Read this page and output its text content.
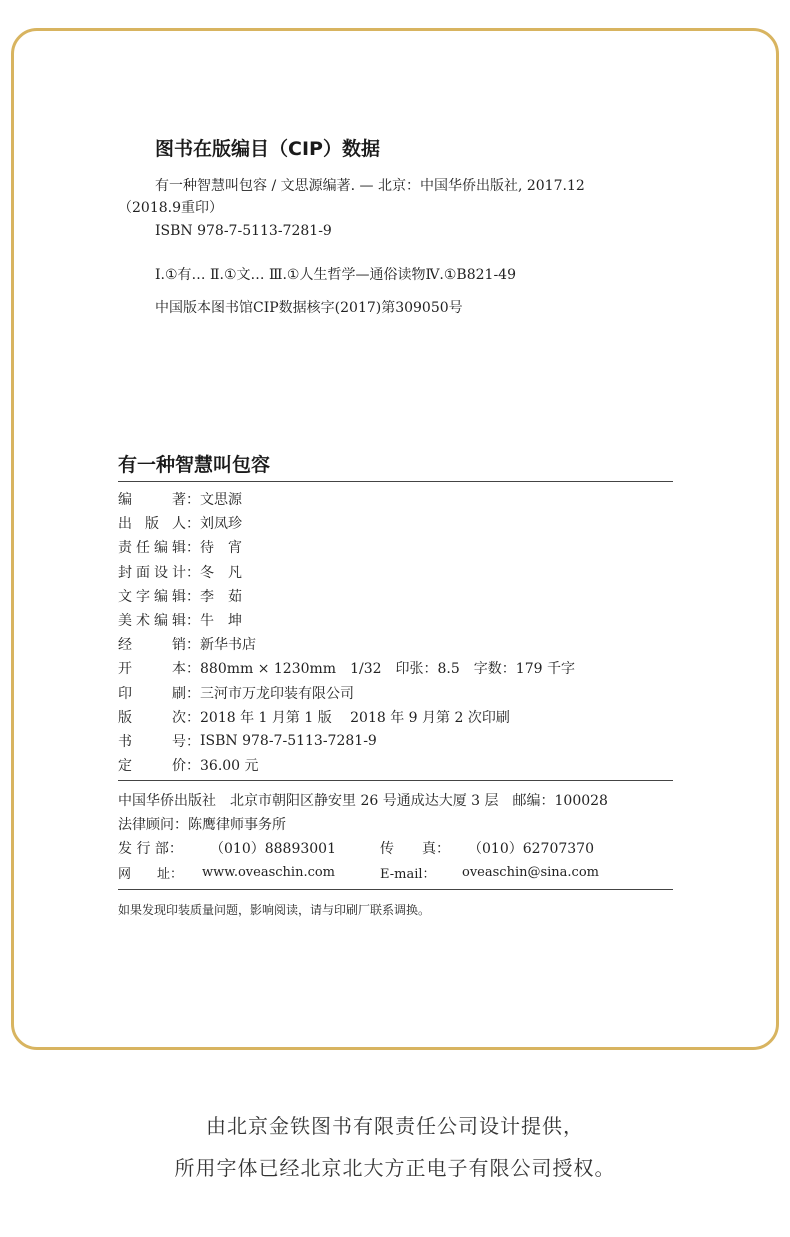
图书在版编目（CIP）数据
有一种智慧叫包容 / 文思源编著. — 北京：中国华侨出版社, 2017.12
（2018.9重印）
ISBN 978-7-5113-7281-9
Ⅰ.①有… Ⅱ.①文… Ⅲ.①人生哲学—通俗读物Ⅳ.①B821-49
中国版本图书馆CIP数据核字(2017)第309050号
有一种智慧叫包容
编	著 ： 文思源
出 版 人 ： 刘凤珍
责 任 编 辑 ： 待　宵
封 面 设 计 ： 冬　凡
文 字 编 辑 ： 李　茹
美 术 编 辑 ： 牛　坤
经	销 ： 新华书店
开	本 ： 880mm × 1230mm　1/32　印张：8.5　字数：179 千字
印	刷 ： 三河市万龙印装有限公司
版	次 ： 2018 年 1 月第 1 版　 2018 年 9 月第 2 次印刷
书	号 ： ISBN 978-7-5113-7281-9
定	价 ： 36.00 元
中国华侨出版社　北京市朝阳区静安里 26 号通成达大厦 3 层　邮编：100028
法律顾问：陈鹰律师事务所
发 行 部：	（010）88893001	传　　真：	（010）62707370
网　　址：	www.oveaschin.com	E-mail：	oveaschin@sina.com
如果发现印装质量问题，影响阅读，请与印刷厂联系调换。
由北京金铁图书有限责任公司设计提供，
所用字体已经北京北大方正电子有限公司授权。
